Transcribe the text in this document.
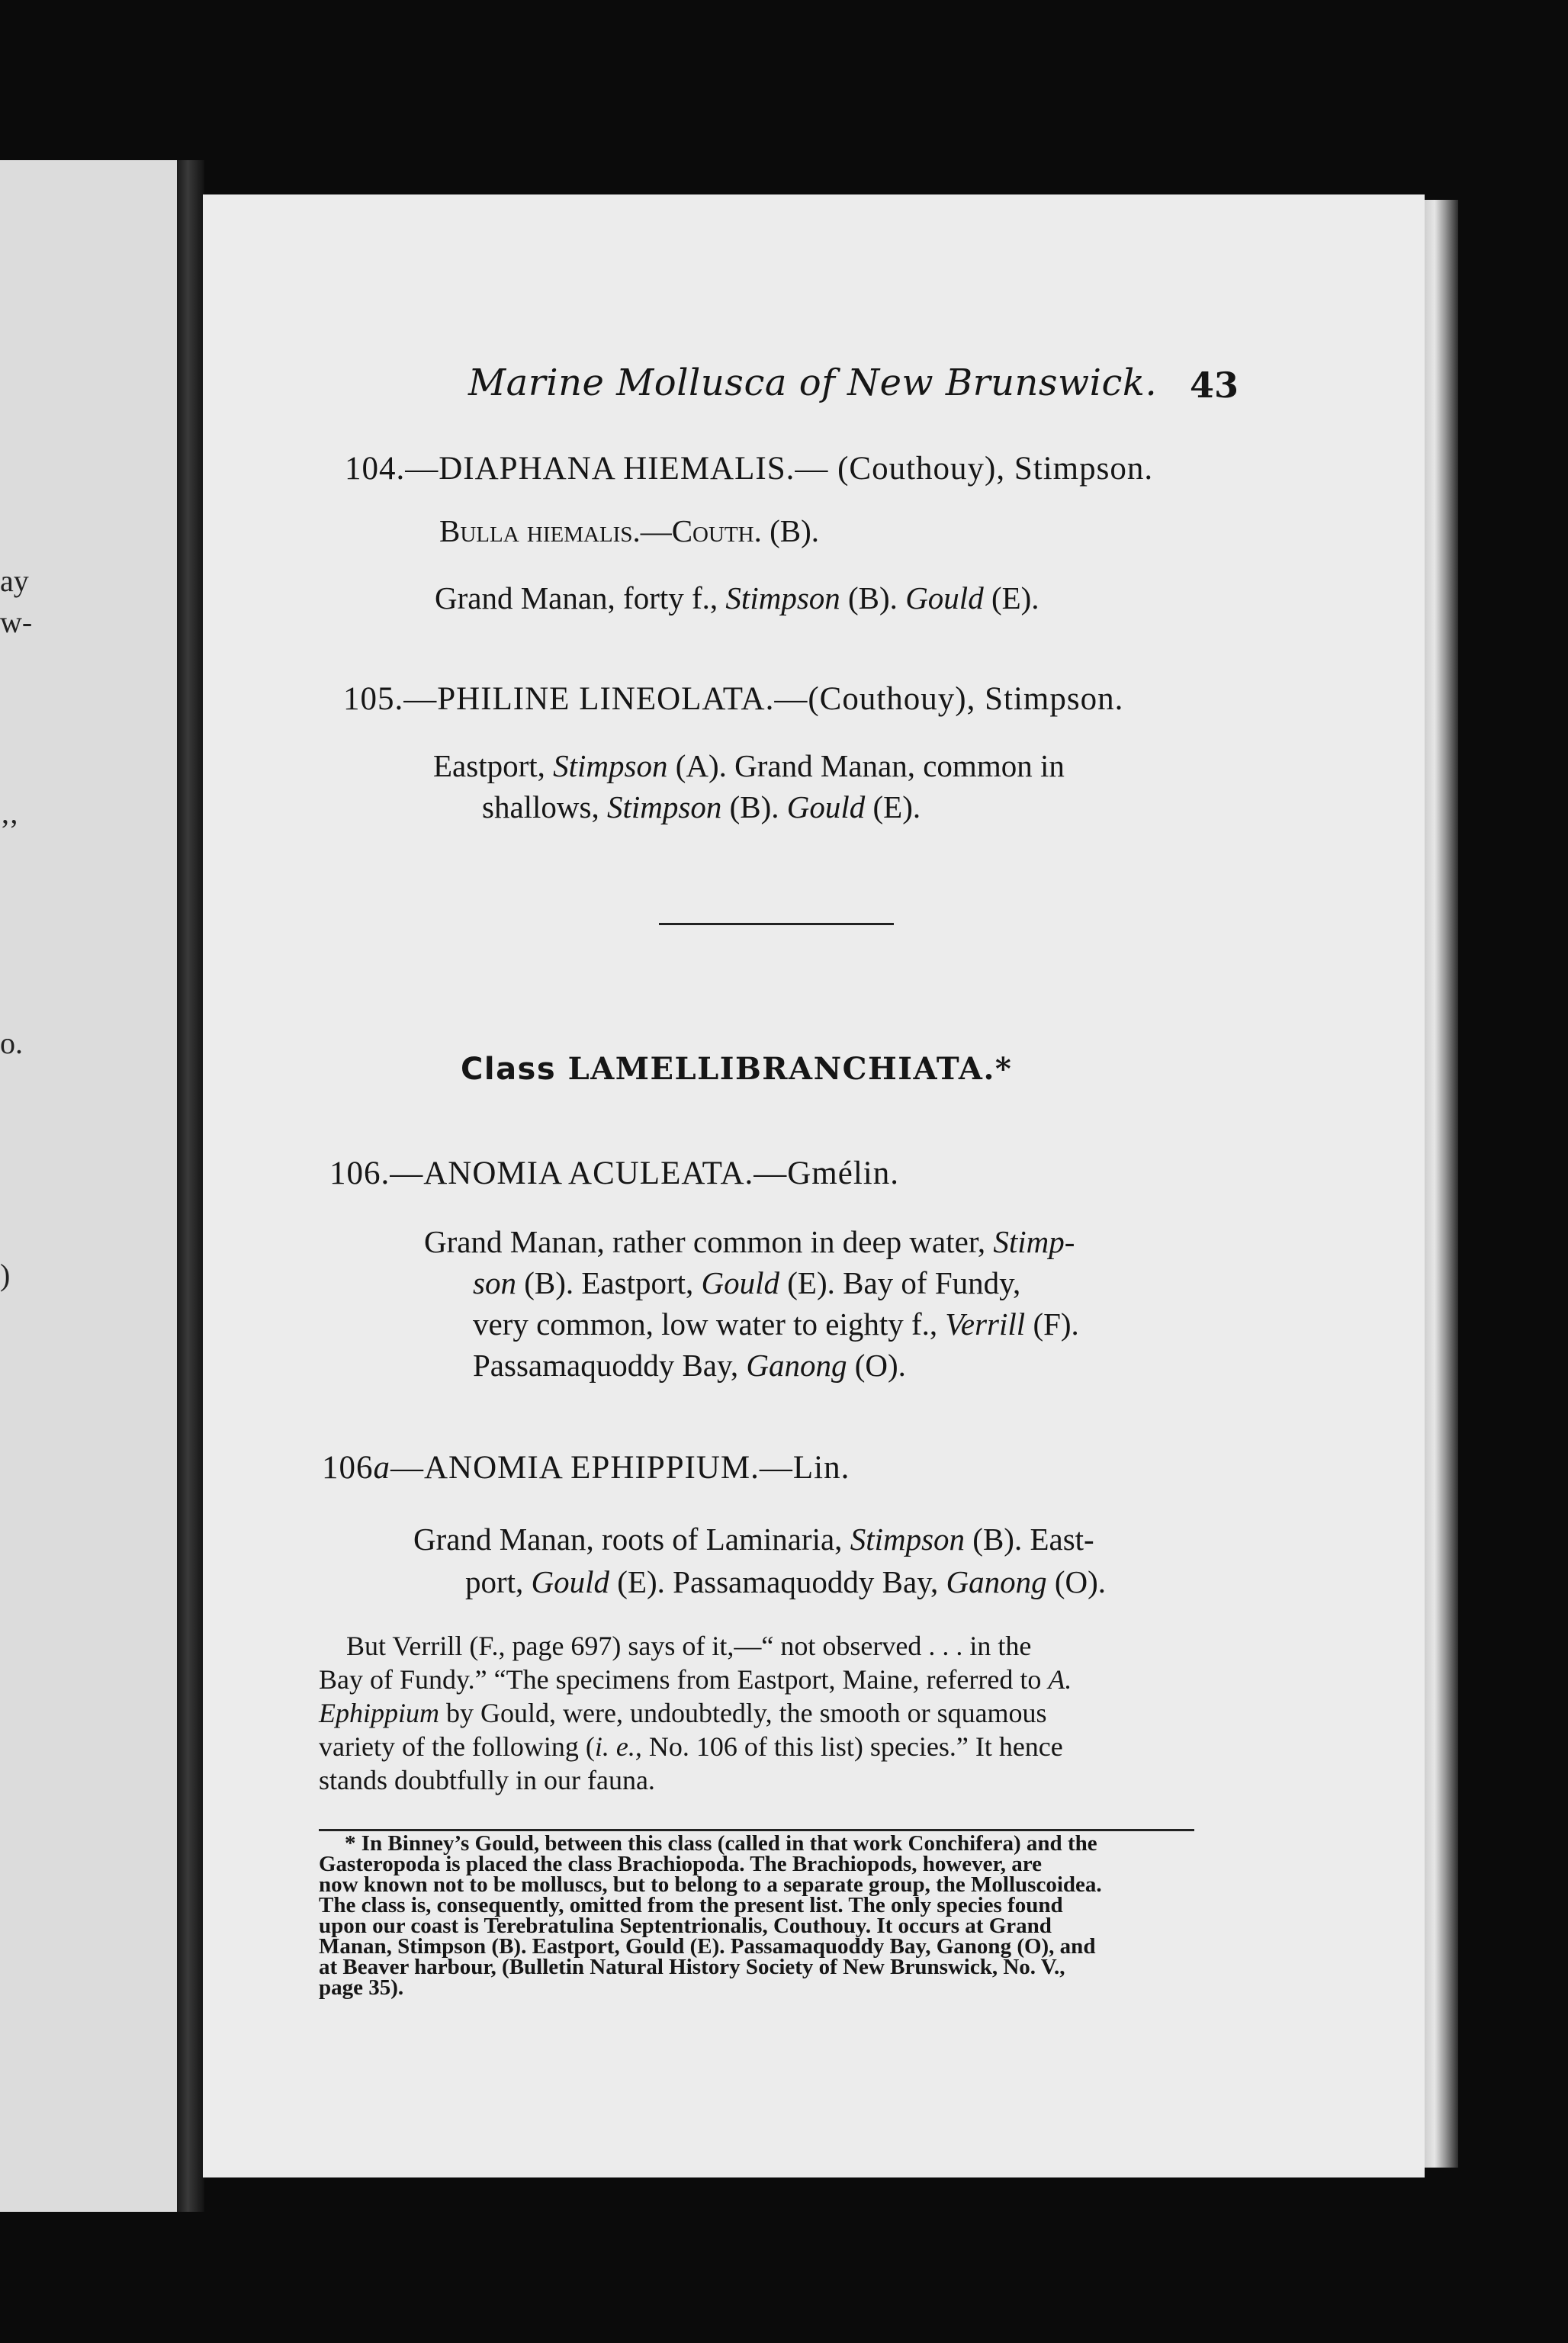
ay
w-
‚,
o.
)
Marine Mollusca of New Brunswick. 43
104.—DIAPHANA HIEMALIS.— (Couthouy), Stimpson.
Bulla hiemalis.—Couth. (B).
Grand Manan, forty f., Stimpson (B). Gould (E).
105.—PHILINE LINEOLATA.—(Couthouy), Stimpson.
Eastport, Stimpson (A). Grand Manan, common in
shallows, Stimpson (B). Gould (E).
Class LAMELLIBRANCHIATA.*
106.—ANOMIA ACULEATA.—Gmélin.
Grand Manan, rather common in deep water, Stimp-
son (B). Eastport, Gould (E). Bay of Fundy,
very common, low water to eighty f., Verrill (F).
Passamaquoddy Bay, Ganong (O).
106a—ANOMIA EPHIPPIUM.—Lin.
Grand Manan, roots of Laminaria, Stimpson (B). East-
port, Gould (E). Passamaquoddy Bay, Ganong (O).
But Verrill (F., page 697) says of it,—“ not observed . . . in the
Bay of Fundy.” “The specimens from Eastport, Maine, referred to A.
Ephippium by Gould, were, undoubtedly, the smooth or squamous
variety of the following (i. e., No. 106 of this list) species.” It hence
stands doubtfully in our fauna.
* In Binney’s Gould, between this class (called in that work Conchifera) and the
Gasteropoda is placed the class Brachiopoda. The Brachiopods, however, are
now known not to be molluscs, but to belong to a separate group, the Molluscoidea.
The class is, consequently, omitted from the present list. The only species found
upon our coast is Terebratulina Septentrionalis, Couthouy. It occurs at Grand
Manan, Stimpson (B). Eastport, Gould (E). Passamaquoddy Bay, Ganong (O), and
at Beaver harbour, (Bulletin Natural History Society of New Brunswick, No. V.,
page 35).
